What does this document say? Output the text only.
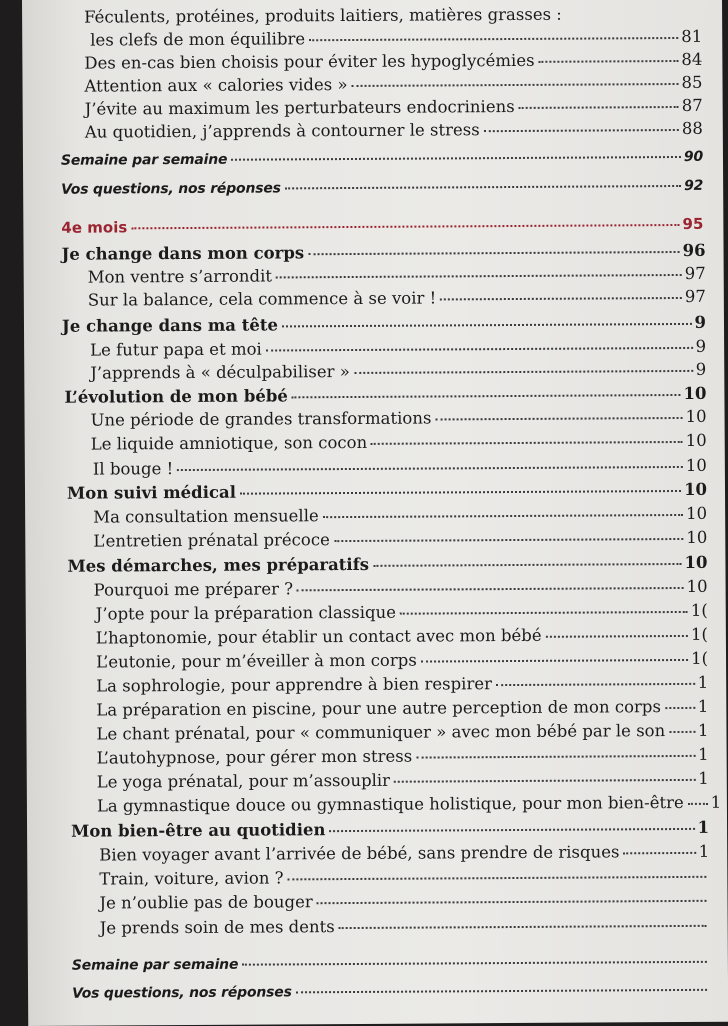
Féculents, protéines, produits laitiers, matières grasses :
les clefs de mon équilibre	81
Des en-cas bien choisis pour éviter les hypoglycémies	84
Attention aux « calories vides »	85
J’évite au maximum les perturbateurs endocriniens	87
Au quotidien, j’apprends à contourner le stress	88
Semaine par semaine	90
Vos questions, nos réponses	92
4e mois	95
Je change dans mon corps	96
Mon ventre s’arrondit	97
Sur la balance, cela commence à se voir !	97
Je change dans ma tête	9
Le futur papa et moi	9
J’apprends à « déculpabiliser »	9
L’évolution de mon bébé	10
Une période de grandes transformations	10
Le liquide amniotique, son cocon	10
Il bouge !	10
Mon suivi médical	10
Ma consultation mensuelle	10
L’entretien prénatal précoce	10
Mes démarches, mes préparatifs	10
Pourquoi me préparer ?	10
J’opte pour la préparation classique	1(
L’haptonomie, pour établir un contact avec mon bébé	1(
L’eutonie, pour m’éveiller à mon corps	1(
La sophrologie, pour apprendre à bien respirer	1
La préparation en piscine, pour une autre perception de mon corps 1
Le chant prénatal, pour « communiquer » avec mon bébé par le son 1
L’autohypnose, pour gérer mon stress	1
Le yoga prénatal, pour m’assouplir	1
La gymnastique douce ou gymnastique holistique, pour mon bien-être 1
Mon bien-être au quotidien	1
Bien voyager avant l’arrivée de bébé, sans prendre de risques	1
Train, voiture, avion ?
Je n’oublie pas de bouger
Je prends soin de mes dents
Semaine par semaine
Vos questions, nos réponses
